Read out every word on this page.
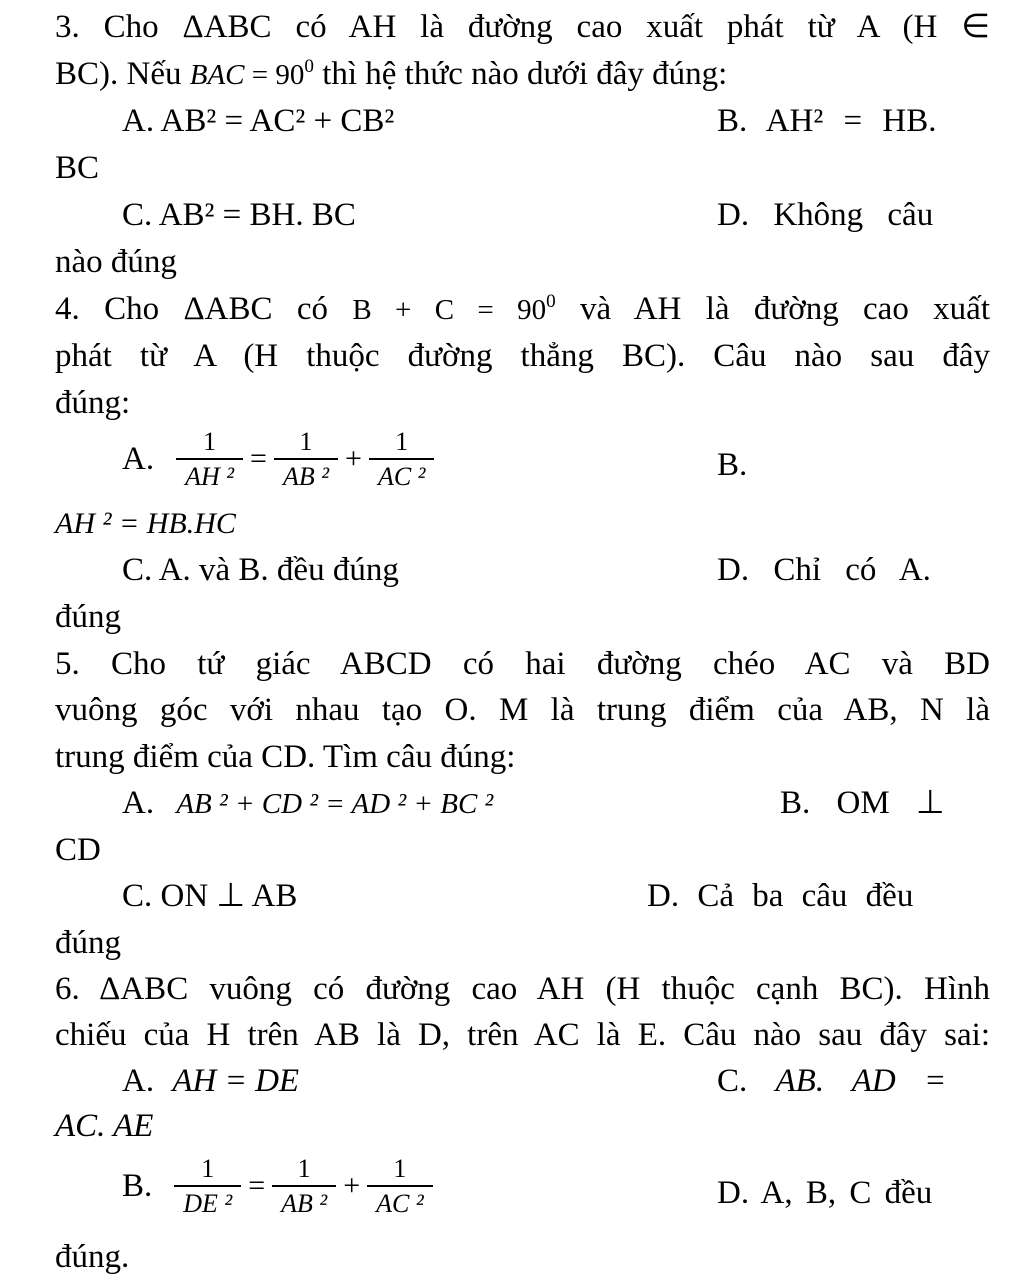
3. Cho ΔABC có AH là đường cao xuất phát từ A (H ∈
BC). Nếu BAC = $90^0$ thì hệ thức nào dưới đây đúng:
A. AB² = AC² + CB²	B. AH² = HB.
BC
C. AB² = BH. BC	D. Không câu
nào đúng
4. Cho ΔABC có $B + C = 90^0$ và AH là đường cao xuất
phát từ A (H thuộc đường thẳng BC). Câu nào sau đây
đúng:
A. $\frac{1}{\text{AH ²}} = \frac{1}{\text{AB ²}} + \frac{1}{\text{AC ²}}$	B.
AH ² = HB.HC
C. A. và B. đều đúng	D. Chỉ có A.
đúng
5. Cho tứ giác ABCD có hai đường chéo AC và BD
vuông góc với nhau tạo O. M là trung điểm của AB, N là
trung điểm của CD. Tìm câu đúng:
A. AB ² + CD ² = AD ² + BC ²	B. OM ⊥
CD
C. ON ⊥ AB	D. Cả ba câu đều
đúng
6. ΔABC vuông có đường cao AH (H thuộc cạnh BC). Hình
chiếu của H trên AB là D, trên AC là E. Câu nào sau đây sai:
A. AH = DE	C. AB. AD =
AC. AE
B. $\frac{1}{\text{DE ²}} = \frac{1}{\text{AB ²}} + \frac{1}{\text{AC ²}}$	D. A, B, C đều
đúng.
